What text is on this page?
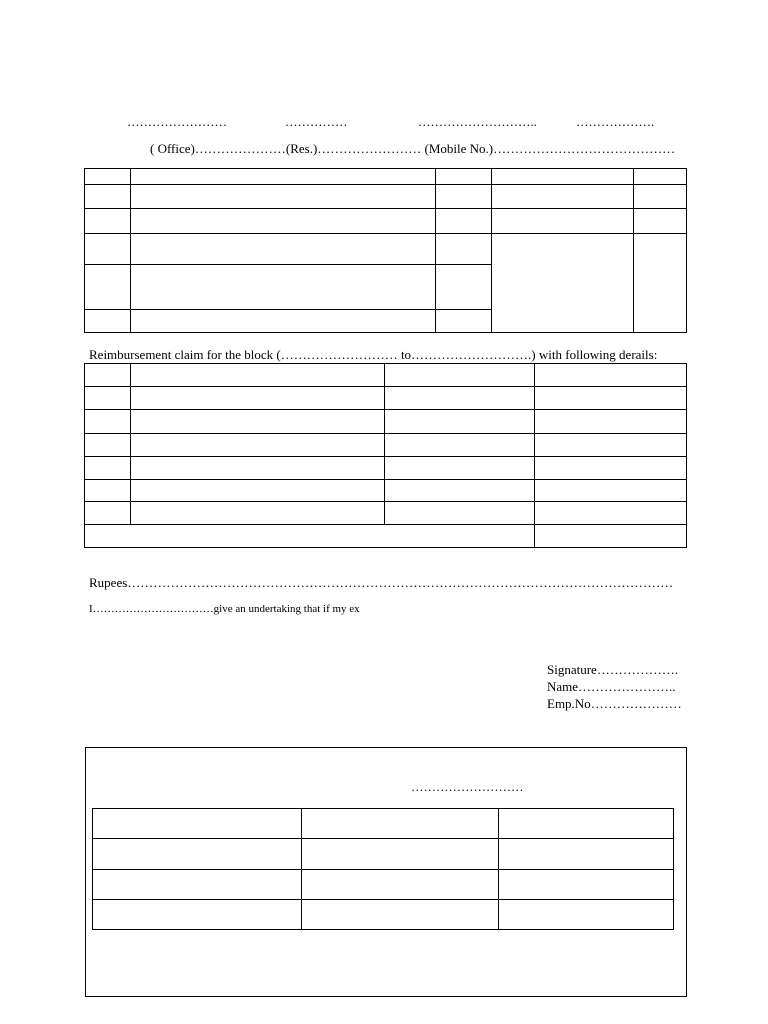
……………………	……………	………………………..	……………….
( Office)…………………(Res.)…………………… (Mobile No.)……………………………………

Reimbursement claim for the block (……………………… to……………………….) with following derails:

Rupees………………………………………………………………………………………………………………
I……………………………give an undertaking that if my ex
Signature……………….
Name…………………..
Emp.No…………………
………………………
